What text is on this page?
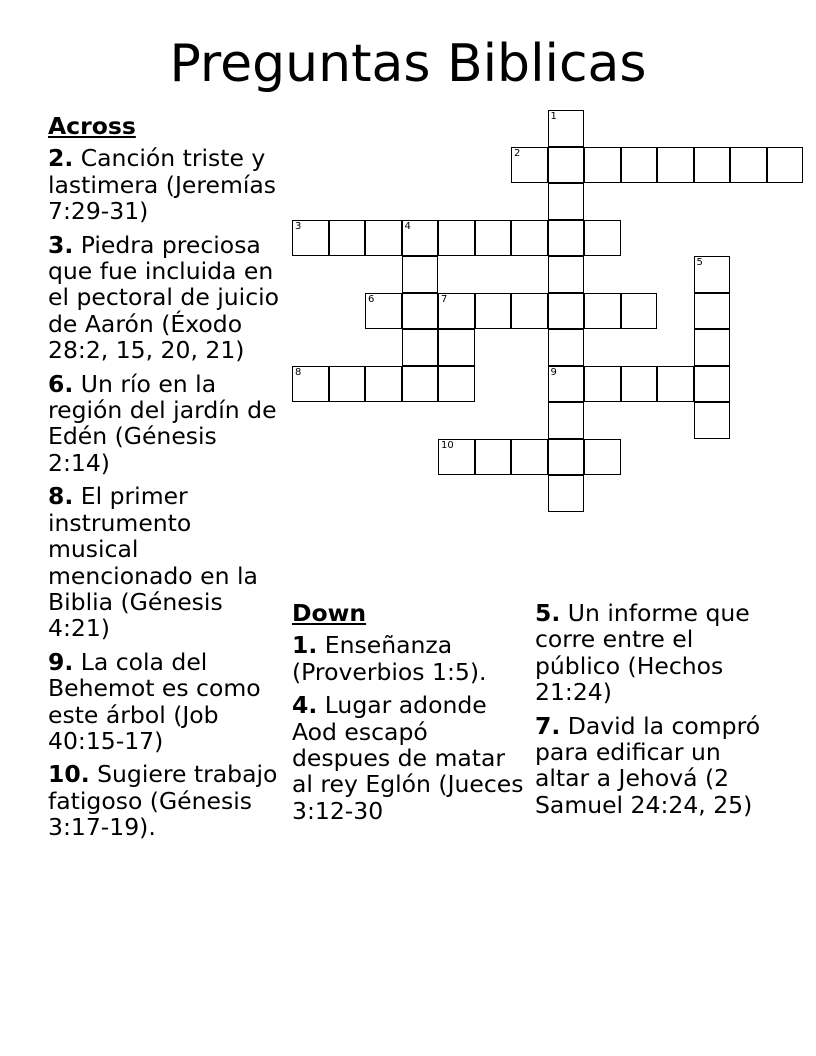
Preguntas Biblicas
1
2
3	4
5
6	7
8	9
10
Across
2. Canción triste y lastimera (Jeremías 7:29-31)
3. Piedra preciosa que fue incluida en el pectoral de juicio de Aarón (Éxodo 28:2, 15, 20, 21)
6. Un río en la región del jardín de Edén (Génesis 2:14)
8. El primer instrumento musical mencionado en la Biblia (Génesis 4:21)
9. La cola del Behemot es como este árbol (Job 40:15-17)
10. Sugiere trabajo fatigoso (Génesis 3:17-19).
Down
1. Enseñanza (Proverbios 1:5).
4. Lugar adonde Aod escapó despues de matar al rey Eglón (Jueces 3:12-30
5. Un informe que corre entre el público (Hechos 21:24)
7. David la compró para edificar un altar a Jehová (2 Samuel 24:24, 25)
